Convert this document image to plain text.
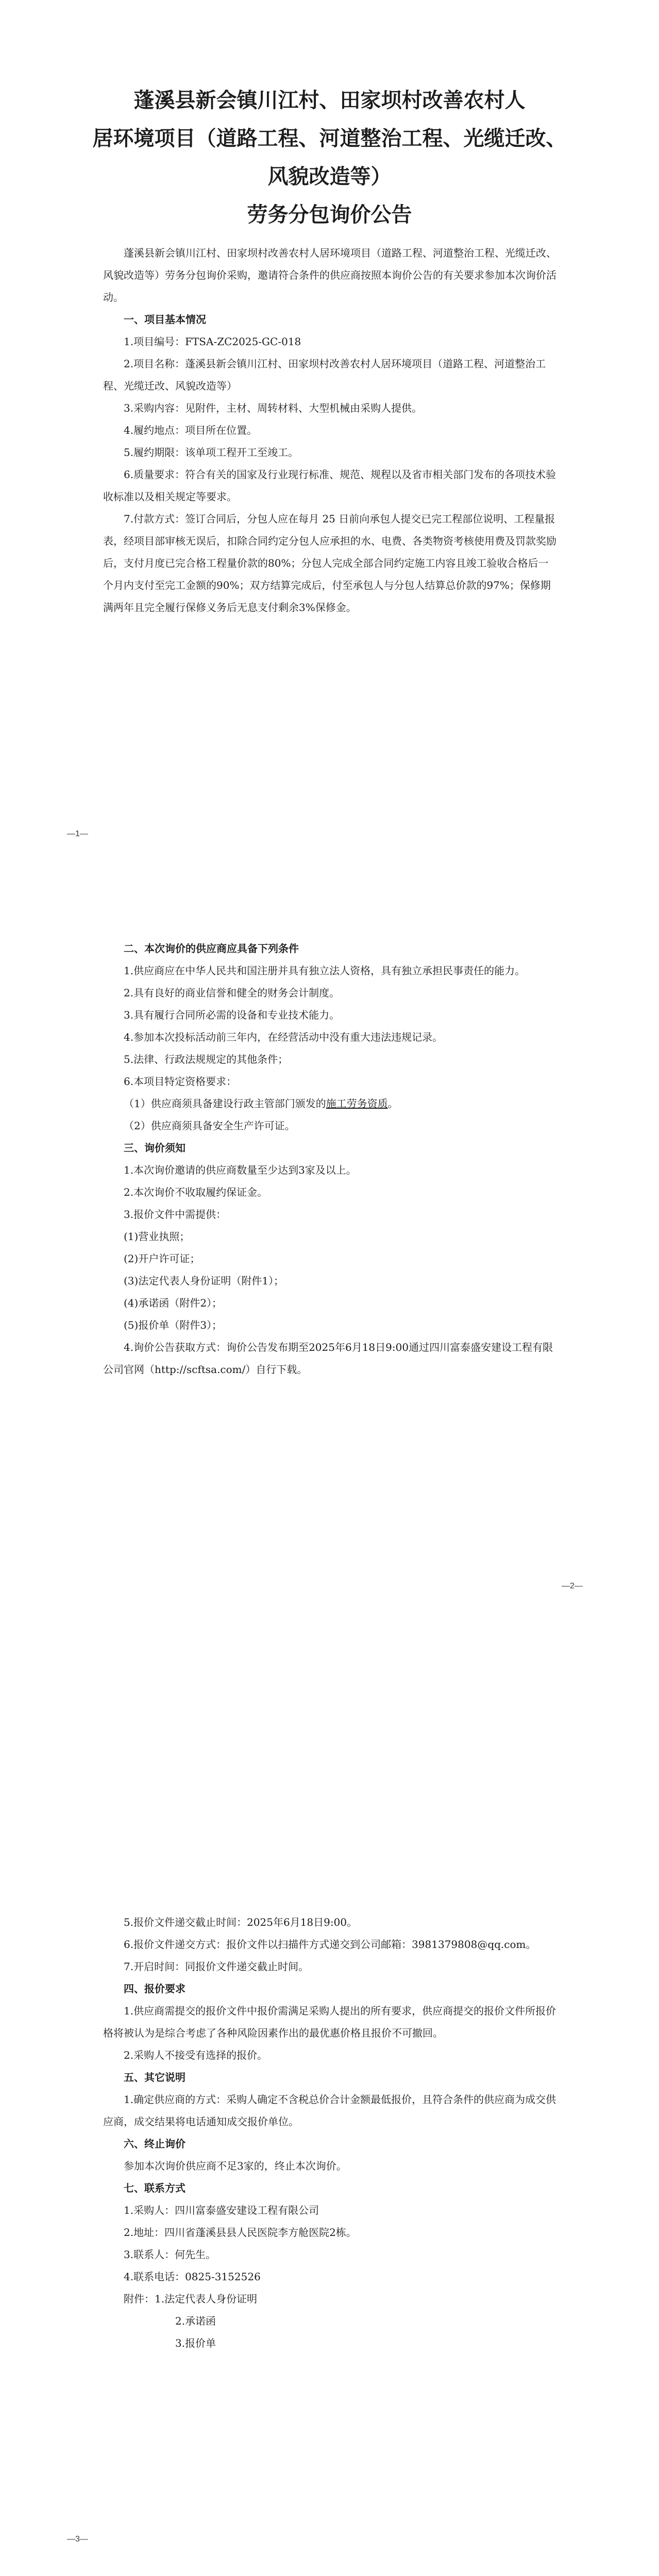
蓬溪县新会镇川江村、田家坝村改善农村人

居环境项目（道路工程、河道整治工程、光缆迁改、

风貌改造等）

劳务分包询价公告

蓬溪县新会镇川江村、田家坝村改善农村人居环境项目（道路工程、河道整治工程、光缆迁改、风貌改造等）劳务分包询价采购，邀请符合条件的供应商按照本询价公告的有关要求参加本次询价活动。

一、项目基本情况

1.项目编号：FTSA-ZC2025-GC-018

2.项目名称：蓬溪县新会镇川江村、田家坝村改善农村人居环境项目（道路工程、河道整治工程、光缆迁改、风貌改造等）

3.采购内容：见附件，主材、周转材料、大型机械由采购人提供。

4.履约地点：项目所在位置。

5.履约期限：该单项工程开工至竣工。

6.质量要求：符合有关的国家及行业现行标准、规范、规程以及省市相关部门发布的各项技术验收标准以及相关规定等要求。

7.付款方式：签订合同后，分包人应在每月 25 日前向承包人提交已完工程部位说明、工程量报表，经项目部审核无误后，扣除合同约定分包人应承担的水、电费、各类物资考核使用费及罚款奖励后，支付月度已完合格工程量价款的80%；分包人完成全部合同约定施工内容且竣工验收合格后一个月内支付至完工金额的90%；双方结算完成后，付至承包人与分包人结算总价款的97%；保修期满两年且完全履行保修义务后无息支付剩余3%保修金。

—1—

二、本次询价的供应商应具备下列条件

1.供应商应在中华人民共和国注册并具有独立法人资格，具有独立承担民事责任的能力。

2.具有良好的商业信誉和健全的财务会计制度。

3.具有履行合同所必需的设备和专业技术能力。

4.参加本次投标活动前三年内，在经营活动中没有重大违法违规记录。

5.法律、行政法规规定的其他条件；

6.本项目特定资格要求：

（1）供应商须具备建设行政主管部门颁发的施工劳务资质。

（2）供应商须具备安全生产许可证。

三、询价须知

1.本次询价邀请的供应商数量至少达到3家及以上。

2.本次询价不收取履约保证金。

3.报价文件中需提供：

(1)营业执照；

(2)开户许可证；

(3)法定代表人身份证明（附件1）；

(4)承诺函（附件2）；

(5)报价单（附件3）；

4.询价公告获取方式：询价公告发布期至2025年6月18日9:00通过四川富泰盛安建设工程有限公司官网（http://scftsa.com/）自行下载。

—2—

5.报价文件递交截止时间：2025年6月18日9:00。

6.报价文件递交方式：报价文件以扫描件方式递交到公司邮箱：3981379808@qq.com。

7.开启时间：同报价文件递交截止时间。

四、报价要求

1.供应商需提交的报价文件中报价需满足采购人提出的所有要求，供应商提交的报价文件所报价格将被认为是综合考虑了各种风险因素作出的最优惠价格且报价不可撤回。

2.采购人不接受有选择的报价。

五、其它说明

1.确定供应商的方式：采购人确定不含税总价合计金额最低报价，且符合条件的供应商为成交供应商，成交结果将电话通知成交报价单位。

六、终止询价

参加本次询价供应商不足3家的，终止本次询价。

七、联系方式

1.采购人：四川富泰盛安建设工程有限公司

2.地址：四川省蓬溪县县人民医院李方舱医院2栋。

3.联系人：何先生。

4.联系电话：0825-3152526

附件：1.法定代表人身份证明

2.承诺函

3.报价单

—3—
